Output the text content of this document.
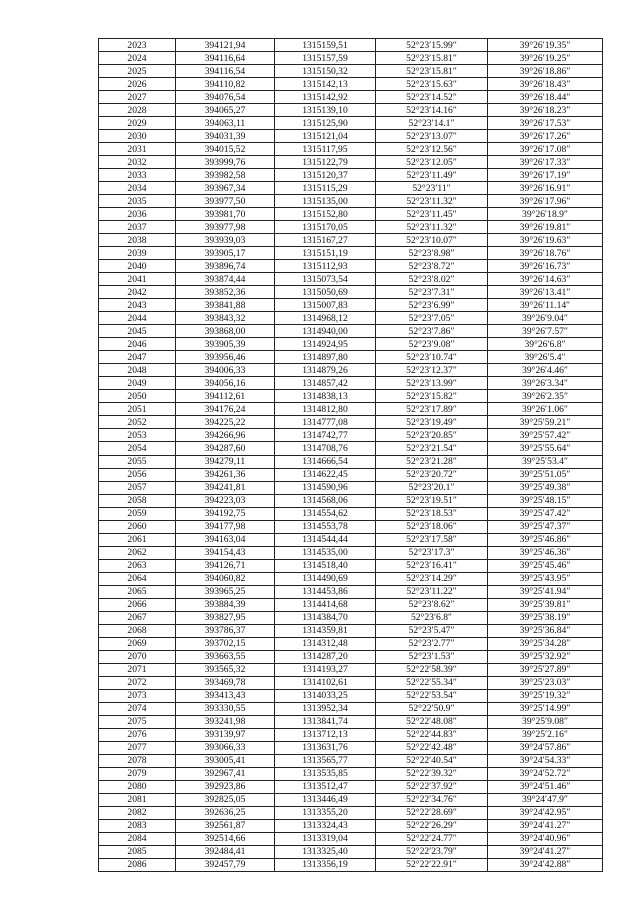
2023	394121,94	1315159,51	52°23′15.99″	39°26′19.35″
2024	394116,64	1315157,59	52°23′15.81″	39°26′19.25″
2025	394116,54	1315150,32	52°23′15.81″	39°26′18.86″
2026	394110,82	1315142,13	52°23′15.63″	39°26′18.43″
2027	394076,54	1315142,92	52°23′14.52″	39°26′18.44″
2028	394065,27	1315139,10	52°23′14.16″	39°26′18.23″
2029	394063,11	1315125,90	52°23′14.1″	39°26′17.53″
2030	394031,39	1315121,04	52°23′13.07″	39°26′17.26″
2031	394015,52	1315117,95	52°23′12.56″	39°26′17.08″
2032	393999,76	1315122,79	52°23′12.05″	39°26′17.33″
2033	393982,58	1315120,37	52°23′11.49″	39°26′17.19″
2034	393967,34	1315115,29	52°23′11″	39°26′16.91″
2035	393977,50	1315135,00	52°23′11.32″	39°26′17.96″
2036	393981,70	1315152,80	52°23′11.45″	39°26′18.9″
2037	393977,98	1315170,05	52°23′11.32″	39°26′19.81″
2038	393939,03	1315167,27	52°23′10.07″	39°26′19.63″
2039	393905,17	1315151,19	52°23′8.98″	39°26′18.76″
2040	393896,74	1315112,93	52°23′8.72″	39°26′16.73″
2041	393874,44	1315073,54	52°23′8.02″	39°26′14.63″
2042	393852,36	1315050,69	52°23′7.31″	39°26′13.41″
2043	393841,88	1315007,83	52°23′6.99″	39°26′11.14″
2044	393843,32	1314968,12	52°23′7.05″	39°26′9.04″
2045	393868,00	1314940,00	52°23′7.86″	39°26′7.57″
2046	393905,39	1314924,95	52°23′9.08″	39°26′6.8″
2047	393956,46	1314897,80	52°23′10.74″	39°26′5.4″
2048	394006,33	1314879,26	52°23′12.37″	39°26′4.46″
2049	394056,16	1314857,42	52°23′13.99″	39°26′3.34″
2050	394112,61	1314838,13	52°23′15.82″	39°26′2.35″
2051	394176,24	1314812,80	52°23′17.89″	39°26′1.06″
2052	394225,22	1314777,08	52°23′19.49″	39°25′59.21″
2053	394266,96	1314742,77	52°23′20.85″	39°25′57.42″
2054	394287,60	1314708,76	52°23′21.54″	39°25′55.64″
2055	394279,11	1314666,54	52°23′21.28″	39°25′53.4″
2056	394261,36	1314622,45	52°23′20.72″	39°25′51.05″
2057	394241,81	1314590,96	52°23′20.1″	39°25′49.38″
2058	394223,03	1314568,06	52°23′19.51″	39°25′48.15″
2059	394192,75	1314554,62	52°23′18.53″	39°25′47.42″
2060	394177,98	1314553,78	52°23′18.06″	39°25′47.37″
2061	394163,04	1314544,44	52°23′17.58″	39°25′46.86″
2062	394154,43	1314535,00	52°23′17.3″	39°25′46.36″
2063	394126,71	1314518,40	52°23′16.41″	39°25′45.46″
2064	394060,82	1314490,69	52°23′14.29″	39°25′43.95″
2065	393965,25	1314453,86	52°23′11.22″	39°25′41.94″
2066	393884,39	1314414,68	52°23′8.62″	39°25′39.81″
2067	393827,95	1314384,70	52°23′6.8″	39°25′38.19″
2068	393786,37	1314359,81	52°23′5.47″	39°25′36.84″
2069	393702,15	1314312,48	52°23′2.77″	39°25′34.28″
2070	393663,55	1314287,20	52°23′1.53″	39°25′32.92″
2071	393565,32	1314193,27	52°22′58.39″	39°25′27.89″
2072	393469,78	1314102,61	52°22′55.34″	39°25′23.03″
2073	393413,43	1314033,25	52°22′53.54″	39°25′19.32″
2074	393330,55	1313952,34	52°22′50.9″	39°25′14.99″
2075	393241,98	1313841,74	52°22′48.08″	39°25′9.08″
2076	393139,97	1313712,13	52°22′44.83″	39°25′2.16″
2077	393066,33	1313631,76	52°22′42.48″	39°24′57.86″
2078	393005,41	1313565,77	52°22′40.54″	39°24′54.33″
2079	392967,41	1313535,85	52°22′39.32″	39°24′52.72″
2080	392923,86	1313512,47	52°22′37.92″	39°24′51.46″
2081	392825,05	1313446,49	52°22′34.76″	39°24′47.9″
2082	392636,25	1313355,20	52°22′28.69″	39°24′42.95″
2083	392561,87	1313324,43	52°22′26.29″	39°24′41.27″
2084	392514,66	1313319,04	52°22′24.77″	39°24′40.96″
2085	392484,41	1313325,40	52°22′23.79″	39°24′41.27″
2086	392457,79	1313356,19	52°22′22.91″	39°24′42.88″
